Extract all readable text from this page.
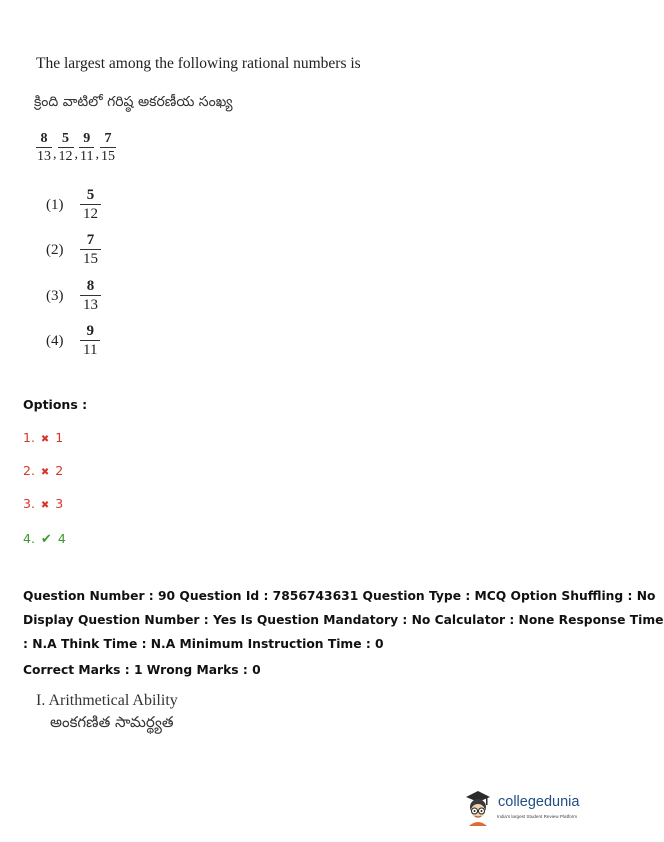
The largest among the following rational numbers is
క్రింది వాటిలో గరిష్ఠ అకరణీయ సంఖ్య
$\frac{8}{13}$ , $\frac{5}{12}$ , $\frac{9}{11}$ , $\frac{7}{15}$
(1)	$\frac{5}{12}$
(2)	$\frac{7}{15}$
(3)	$\frac{8}{13}$
(4)	$\frac{9}{11}$
Options :
1. ✖ 1
2. ✖ 2
3. ✖ 3
4. ✔ 4
Question Number : 90 Question Id : 7856743631 Question Type : MCQ Option Shuffling : No
Display Question Number : Yes Is Question Mandatory : No Calculator : None Response Time
: N.A Think Time : N.A Minimum Instruction Time : 0
Correct Marks : 1 Wrong Marks : 0
I. Arithmetical Ability
అంకగణిత సామర్థ్యత
collegedunia
India's largest Student Review Platform
